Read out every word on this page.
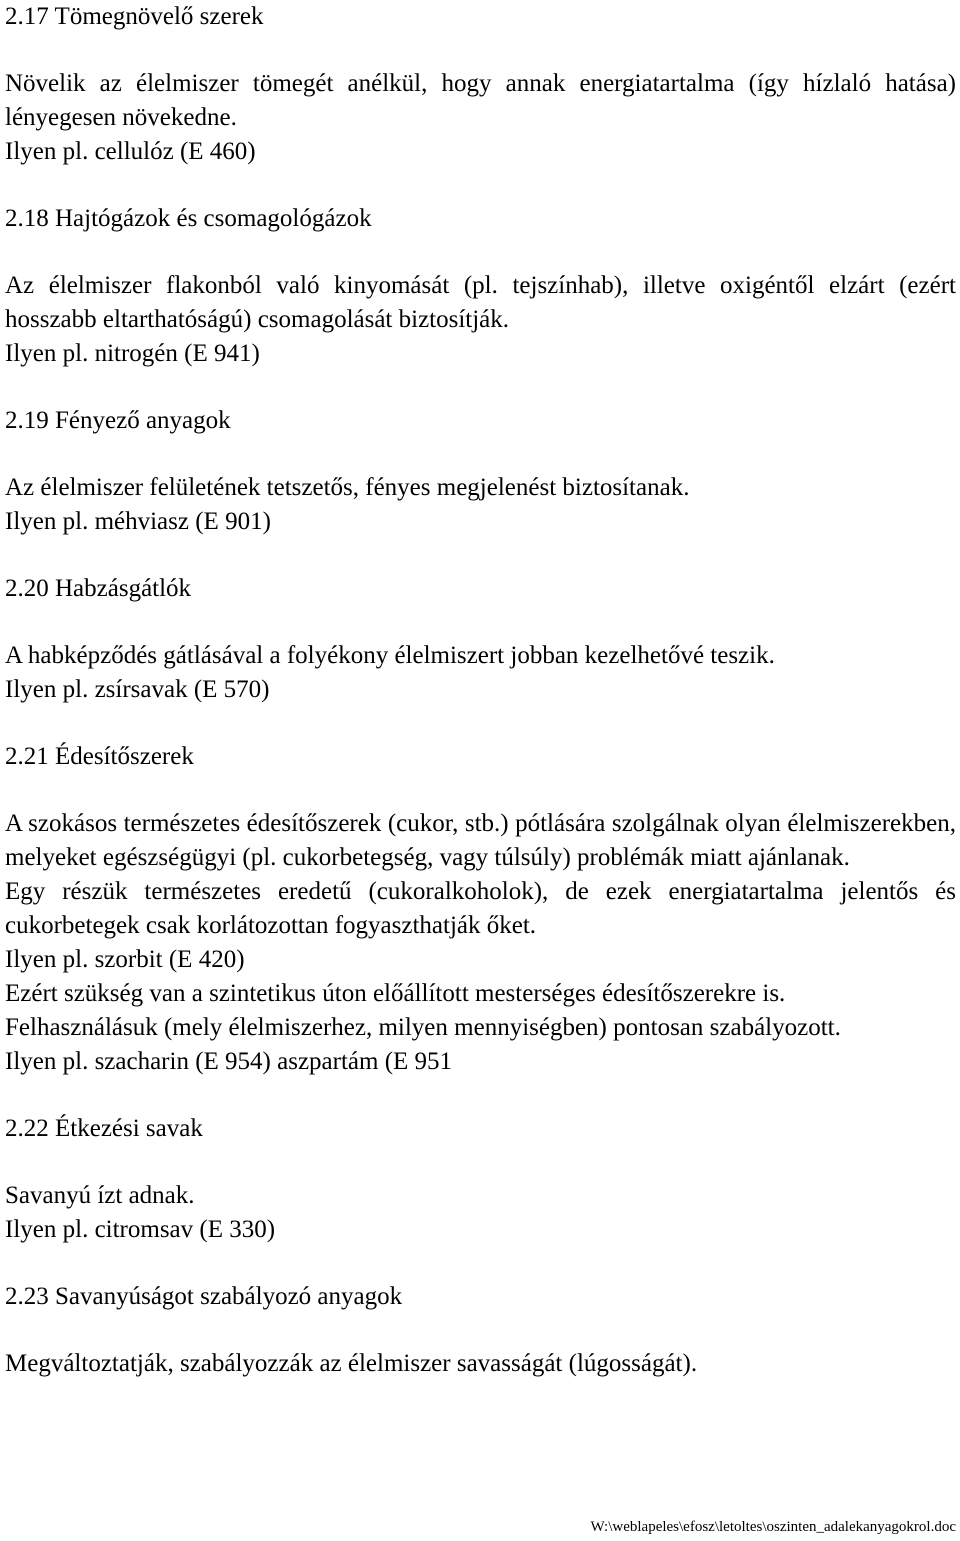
2.17 Tömegnövelő szerek

Növelik az élelmiszer tömegét anélkül, hogy annak energiatartalma (így hízlaló hatása) lényegesen növekedne.

Ilyen pl. cellulóz (E 460)

2.18 Hajtógázok és csomagológázok

Az élelmiszer flakonból való kinyomását (pl. tejszínhab), illetve oxigéntől elzárt (ezért hosszabb eltarthatóságú) csomagolását biztosítják.

Ilyen pl. nitrogén (E 941)

2.19 Fényező anyagok

Az élelmiszer felületének tetszetős, fényes megjelenést biztosítanak.

Ilyen pl. méhviasz (E 901)

2.20 Habzásgátlók

A habképződés gátlásával a folyékony élelmiszert jobban kezelhetővé teszik.

Ilyen pl. zsírsavak (E 570)

2.21 Édesítőszerek

A szokásos természetes édesítőszerek (cukor, stb.) pótlására szolgálnak olyan élelmiszerekben, melyeket egészségügyi (pl. cukorbetegség, vagy túlsúly) problémák miatt ajánlanak.

Egy részük természetes eredetű (cukoralkoholok), de ezek energiatartalma jelentős és cukorbetegek csak korlátozottan fogyaszthatják őket.

Ilyen pl. szorbit (E 420)

Ezért szükség van a szintetikus úton előállított mesterséges édesítőszerekre is.

Felhasználásuk (mely élelmiszerhez, milyen mennyiségben) pontosan szabályozott.

Ilyen pl. szacharin (E 954) aszpartám (E 951

2.22 Étkezési savak

Savanyú ízt adnak.

Ilyen pl. citromsav (E 330)

2.23 Savanyúságot szabályozó anyagok

Megváltoztatják, szabályozzák az élelmiszer savasságát (lúgosságát).

W:\weblapeles\efosz\letoltes\oszinten_adalekanyagokrol.doc
